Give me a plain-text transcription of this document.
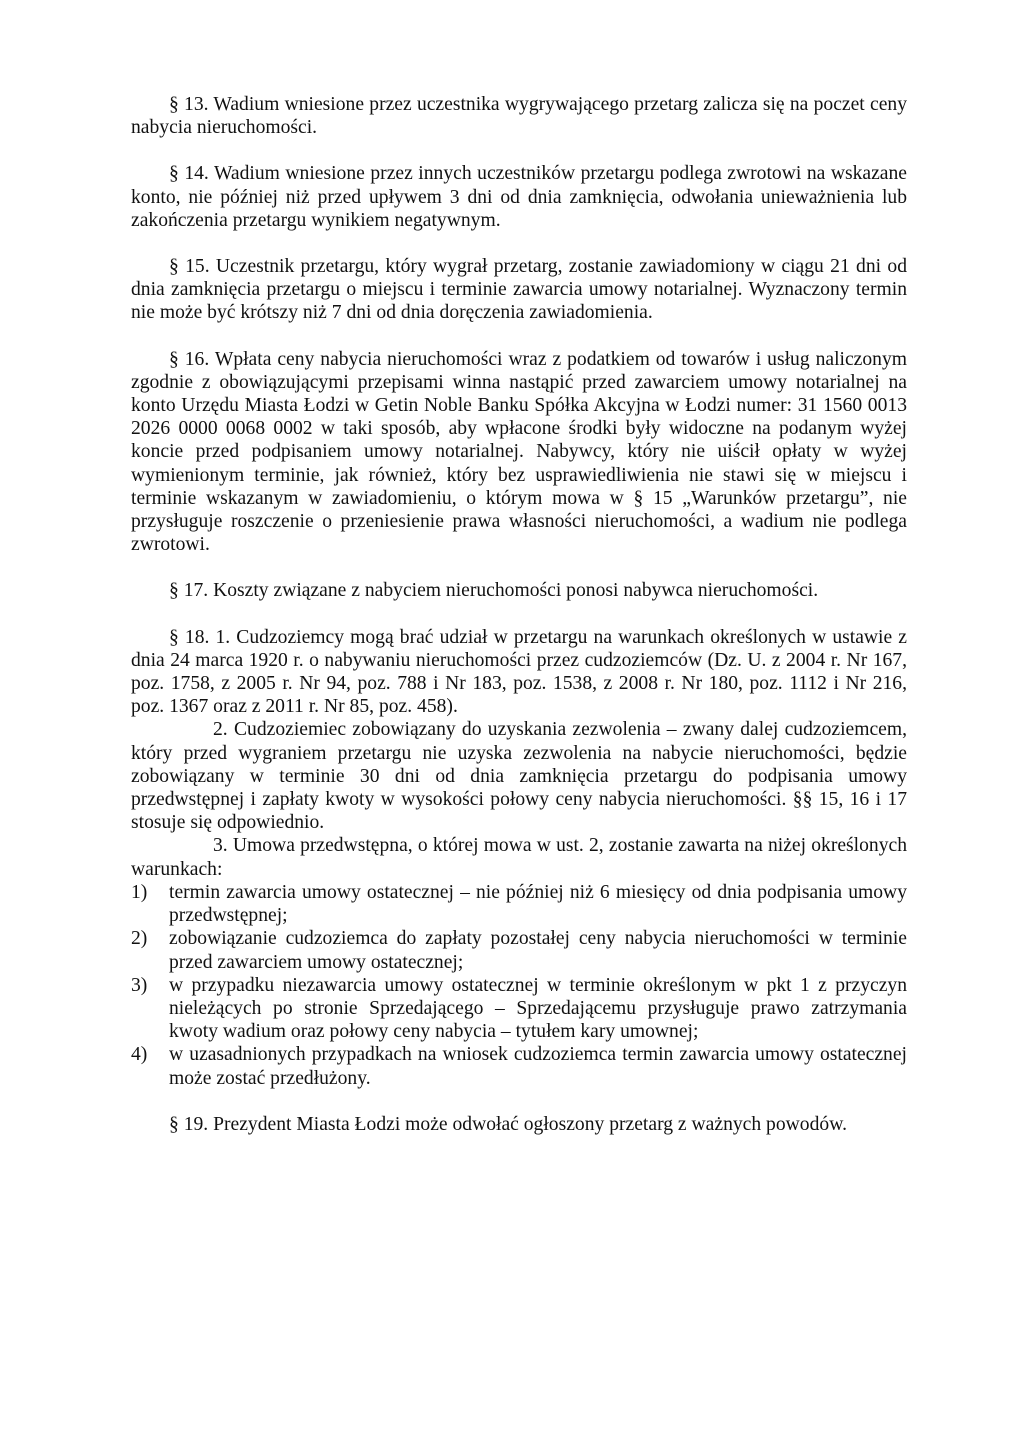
§ 13. Wadium wniesione przez uczestnika wygrywającego przetarg zalicza się na poczet ceny nabycia nieruchomości.

§ 14. Wadium wniesione przez innych uczestników przetargu podlega zwrotowi na wskazane konto, nie później niż przed upływem 3 dni od dnia zamknięcia, odwołania unieważnienia lub zakończenia przetargu wynikiem negatywnym.

§ 15. Uczestnik przetargu, który wygrał przetarg, zostanie zawiadomiony w ciągu 21 dni od dnia zamknięcia przetargu o miejscu i terminie zawarcia umowy notarialnej. Wyznaczony termin nie może być krótszy niż 7 dni od dnia doręczenia zawiadomienia.

§ 16. Wpłata ceny nabycia nieruchomości wraz z podatkiem od towarów i usług naliczonym zgodnie z obowiązującymi przepisami winna nastąpić przed zawarciem umowy notarialnej na konto Urzędu Miasta Łodzi w Getin Noble Banku Spółka Akcyjna w Łodzi numer: 31 1560 0013 2026 0000 0068 0002 w taki sposób, aby wpłacone środki były widoczne na podanym wyżej koncie przed podpisaniem umowy notarialnej. Nabywcy, który nie uiścił opłaty w wyżej wymienionym terminie, jak również, który bez usprawiedliwienia nie stawi się w miejscu i terminie wskazanym w zawiadomieniu, o którym mowa w § 15 „Warunków przetargu”, nie przysługuje roszczenie o przeniesienie prawa własności nieruchomości, a wadium nie podlega zwrotowi.

§ 17. Koszty związane z nabyciem nieruchomości ponosi nabywca nieruchomości.

§ 18. 1. Cudzoziemcy mogą brać udział w przetargu na warunkach określonych w ustawie z dnia 24 marca 1920 r. o nabywaniu nieruchomości przez cudzoziemców (Dz. U. z 2004 r. Nr 167, poz. 1758, z 2005 r. Nr 94, poz. 788 i Nr 183, poz. 1538, z 2008 r. Nr 180, poz. 1112 i Nr 216, poz. 1367 oraz z 2011 r. Nr 85, poz. 458).

2. Cudzoziemiec zobowiązany do uzyskania zezwolenia – zwany dalej cudzoziemcem, który przed wygraniem przetargu nie uzyska zezwolenia na nabycie nieruchomości, będzie zobowiązany w terminie 30 dni od dnia zamknięcia przetargu do podpisania umowy przedwstępnej i zapłaty kwoty w wysokości połowy ceny nabycia nieruchomości. §§ 15, 16 i 17 stosuje się odpowiednio.

3. Umowa przedwstępna, o której mowa w ust. 2, zostanie zawarta na niżej określonych warunkach:

1)	termin zawarcia umowy ostatecznej – nie później niż 6 miesięcy od dnia podpisania umowy przedwstępnej;
2)	zobowiązanie cudzoziemca do zapłaty pozostałej ceny nabycia nieruchomości w terminie przed zawarciem umowy ostatecznej;
3)	w przypadku niezawarcia umowy ostatecznej w terminie określonym w pkt 1 z przyczyn nieleżących po stronie Sprzedającego – Sprzedającemu przysługuje prawo zatrzymania kwoty wadium oraz połowy ceny nabycia – tytułem kary umownej;
4)	w uzasadnionych przypadkach na wniosek cudzoziemca termin zawarcia umowy ostatecznej może zostać przedłużony.

§ 19. Prezydent Miasta Łodzi może odwołać ogłoszony przetarg z ważnych powodów.
